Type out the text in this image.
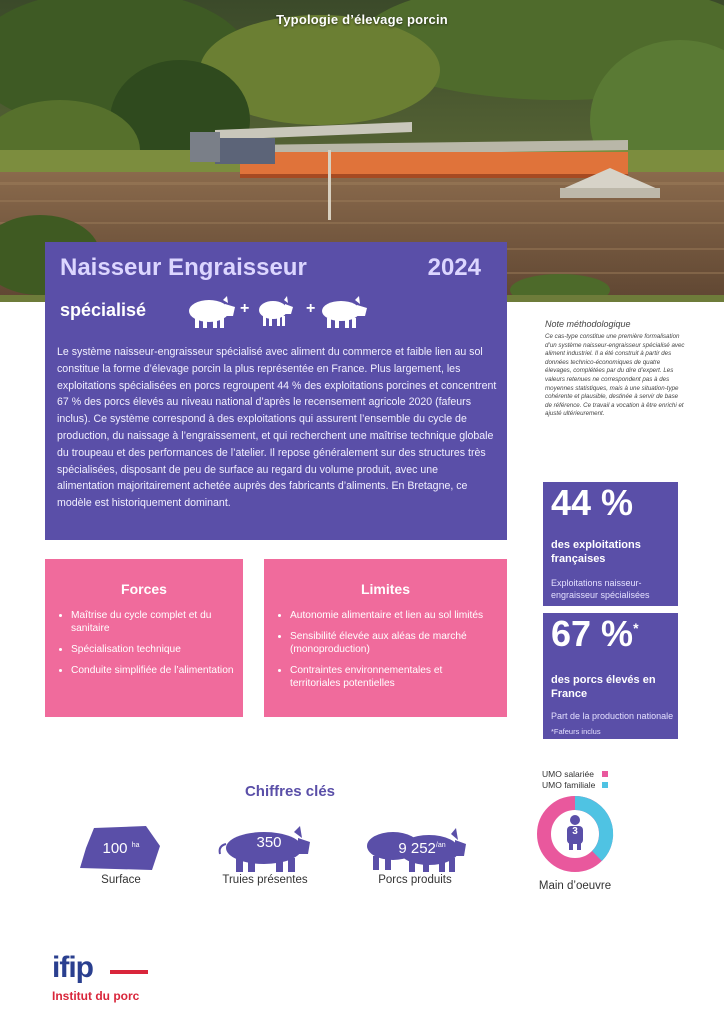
Typologie d’élevage porcin
Naisseur Engraisseur	2024
spécialisé	+	+
Le système naisseur-engraisseur spécialisé avec aliment du commerce et faible lien au sol constitue la forme d’élevage porcin la plus représentée en France. Plus largement, les exploitations spécialisées en porcs regroupent 44 % des exploitations porcines et concentrent 67 % des porcs élevés au niveau national d’après le recensement agricole 2020 (fafeurs inclus). Ce système correspond à des exploitations qui assurent l’ensemble du cycle de production, du naissage à l’engraissement, et qui recherchent une maîtrise technique globale du troupeau et des performances de l’atelier. Il repose généralement sur des structures très spécialisées, disposant de peu de surface au regard du volume produit, avec une alimentation majoritairement achetée auprès des fabricants d’aliments. En Bretagne, ce modèle est historiquement dominant.
Note méthodologique
Ce cas-type constitue une première formalisation d’un système naisseur-engraisseur spécialisé avec aliment industriel. Il a été construit à partir des données technico-économiques de quatre élevages, complétées par du dire d’expert. Les valeurs retenues ne correspondent pas à des moyennes statistiques, mais à une situation-type cohérente et plausible, destinée à servir de base de référence. Ce travail a vocation à être enrichi et ajusté ultérieurement.
44 %
des exploitations françaises
Exploitations naisseur-engraisseur spécialisées
67 %*
des porcs élevés en France
Part de la production nationale
*Fafeurs inclus
Forces
• Maîtrise du cycle complet et du sanitaire
• Spécialisation technique
• Conduite simplifiée de l’alimentation
Limites
• Autonomie alimentaire et lien au sol limités
• Sensibilité élevée aux aléas de marché (monoproduction)
• Contraintes environnementales et territoriales potentielles
Chiffres clés
100 $^{ha}$
Surface
350
Truies présentes
9 $252^{/an}$
Porcs produits
UMO salariée
UMO familiale
3
Main d’oeuvre
ifip
Institut du porc
